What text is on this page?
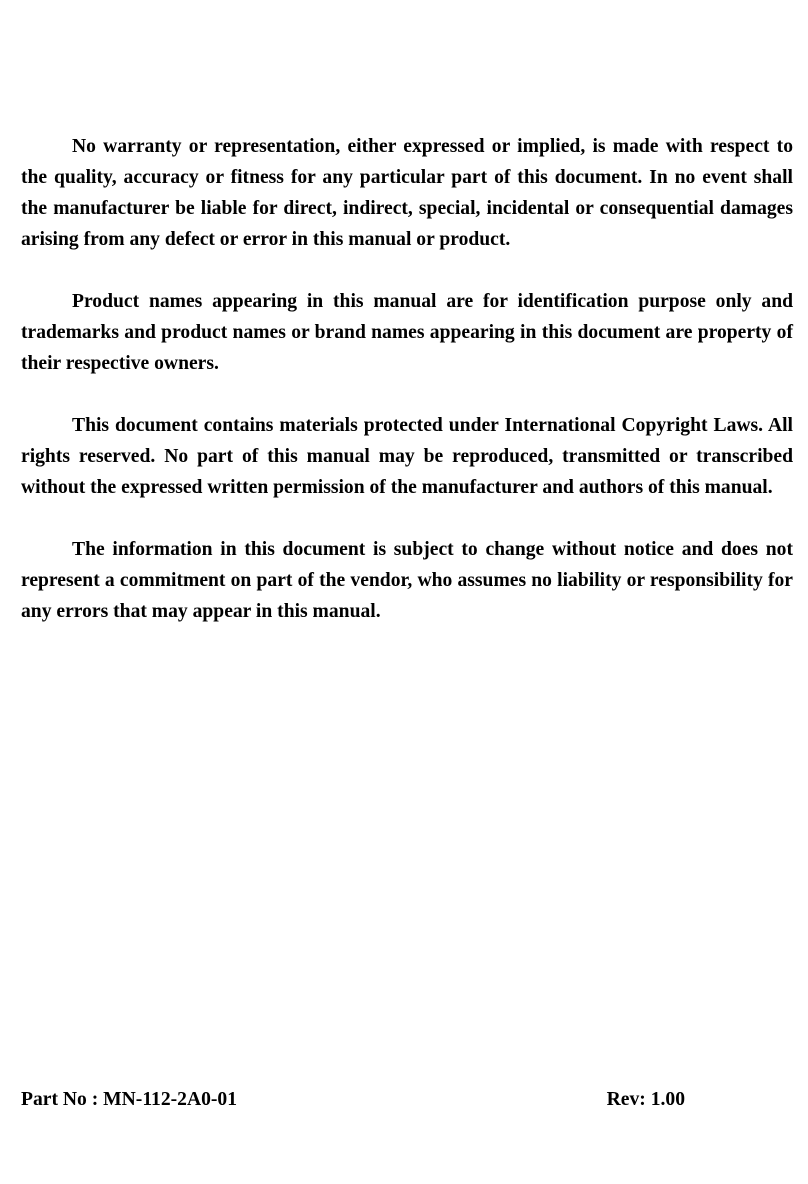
No warranty or representation, either expressed or implied, is made with respect to the quality, accuracy or fitness for any particular part of this document. In no event shall the manufacturer be liable for direct, indirect, special, incidental or consequential damages arising from any defect or error in this manual or product.

Product names appearing in this manual are for identification purpose only and trademarks and product names or brand names appearing in this document are property of their respective owners.

This document contains materials protected under International Copyright Laws. All rights reserved. No part of this manual may be reproduced, transmitted or transcribed without the expressed written permission of the manufacturer and authors of this manual.

The information in this document is subject to change without notice and does not represent a commitment on part of the vendor, who assumes no liability or responsibility for any errors that may appear in this manual.

Part No : MN-112-2A0-01	Rev: 1.00
